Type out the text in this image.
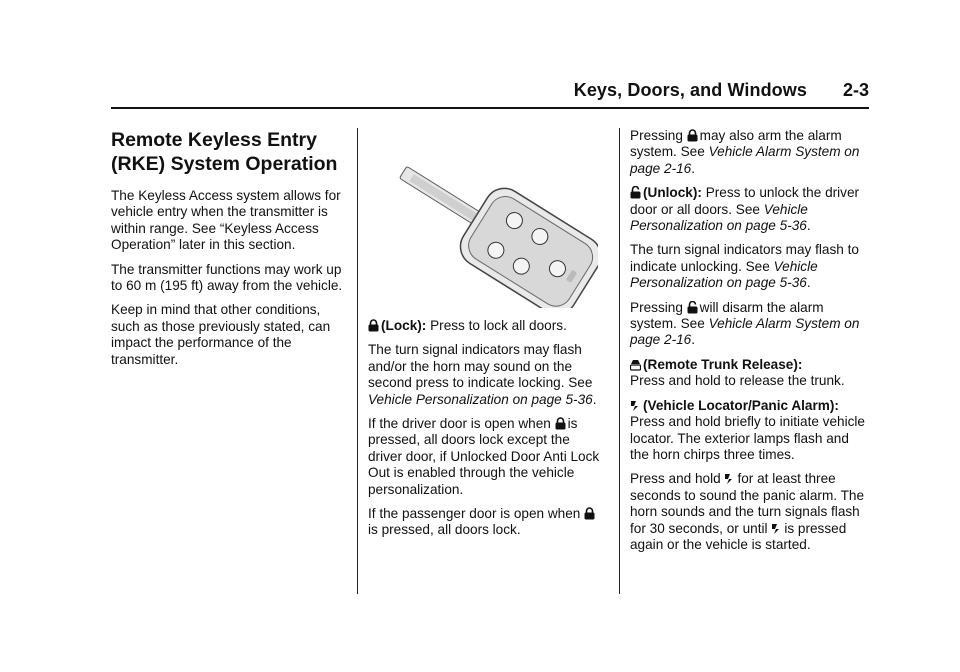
Keys, Doors, and Windows 2-3
Remote Keyless Entry (RKE) System Operation

The Keyless Access system allows for vehicle entry when the transmitter is within range. See “Keyless Access Operation” later in this section.

The transmitter functions may work up to 60 m (195 ft) away from the vehicle.

Keep in mind that other conditions, such as those previously stated, can impact the performance of the transmitter.

(Lock): Press to lock all doors.

The turn signal indicators may flash and/or the horn may sound on the second press to indicate locking. See Vehicle Personalization on page 5-36.

If the driver door is open when is pressed, all doors lock except the driver door, if Unlocked Door Anti Lock Out is enabled through the vehicle personalization.

If the passenger door is open when
is pressed, all doors lock.

Pressing may also arm the alarm system. See Vehicle Alarm System on page 2-16.

(Unlock): Press to unlock the driver door or all doors. See Vehicle Personalization on page 5-36.

The turn signal indicators may flash to indicate unlocking. See Vehicle Personalization on page 5-36.

Pressing will disarm the alarm system. See Vehicle Alarm System on page 2-16.

(Remote Trunk Release):
Press and hold to release the trunk.

(Vehicle Locator/Panic Alarm): Press and hold briefly to initiate vehicle locator. The exterior lamps flash and the horn chirps three times.

Press and hold for at least three seconds to sound the panic alarm. The horn sounds and the turn signals flash for 30 seconds, or until is pressed again or the vehicle is started.
